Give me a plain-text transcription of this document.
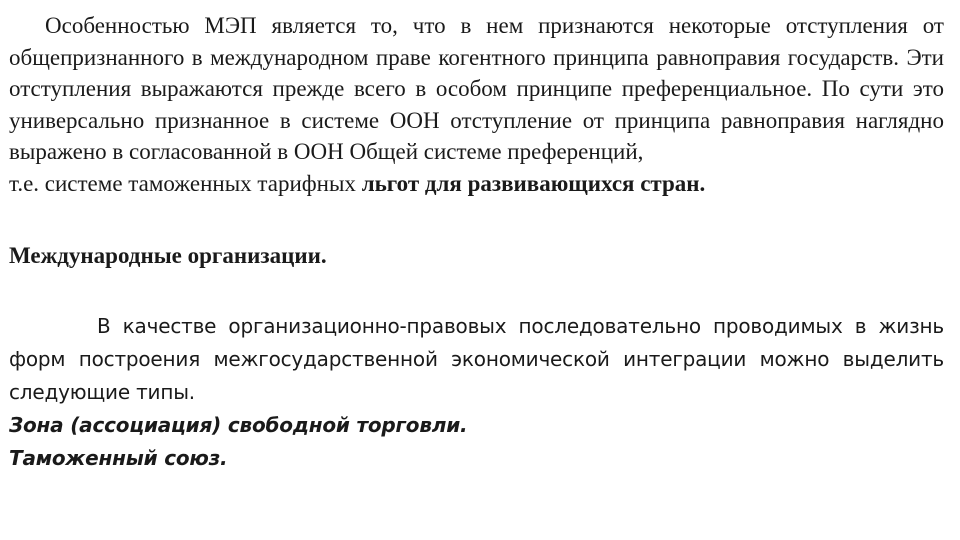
Особенностью МЭП является то, что в нем признаются некоторые отступления от общепризнанного в международном праве когентного принципа равноправия государств. Эти отступления выражаются прежде всего в особом принципе преференциальное. По сути это универсально признанное в системе ООН отступление от принципа равноправия наглядно выражено в согласованной в ООН Общей системе преференций,
т.е. системе таможенных тарифных льгот для развивающихся стран.

Международные организации.

В качестве организационно-правовых последовательно проводимых в жизнь форм построения межгосударственной экономической интеграции можно выделить следующие типы.

Зона (ассоциация) свободной торговли.

Таможенный союз.
